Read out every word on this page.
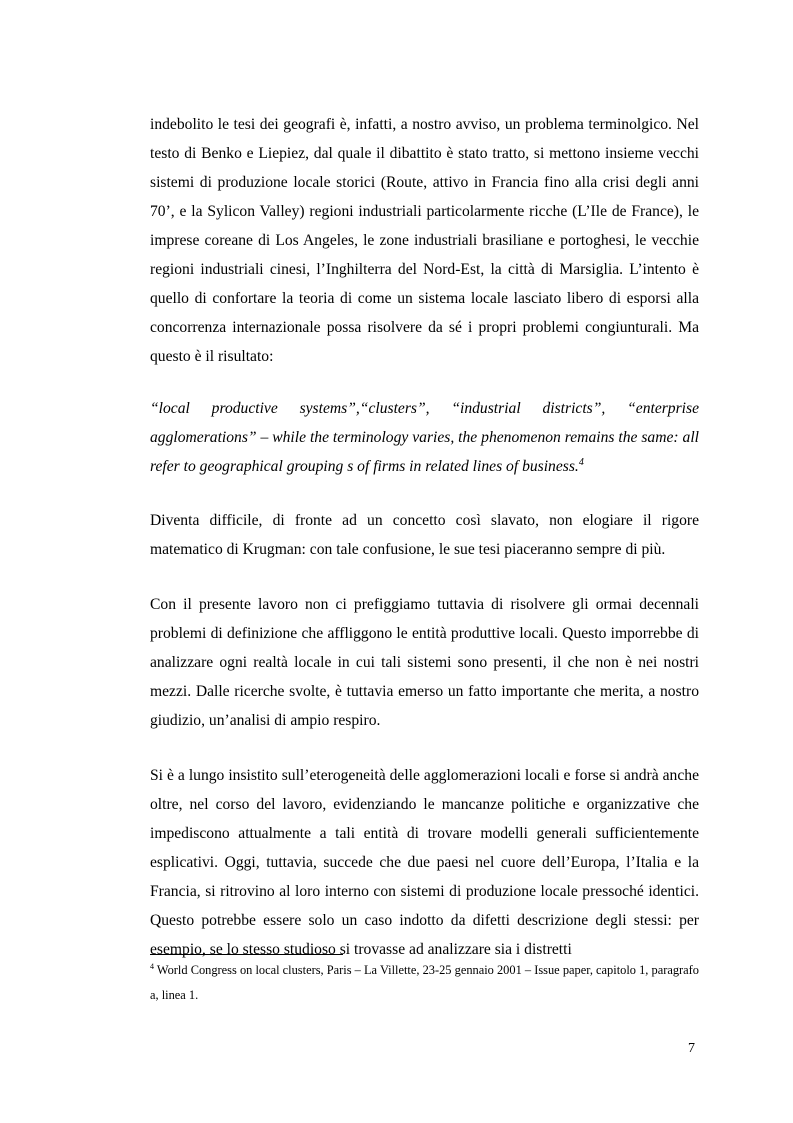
indebolito le tesi dei geografi è, infatti, a nostro avviso, un problema terminolgico. Nel testo di Benko e Liepiez, dal quale il dibattito è stato tratto, si mettono insieme vecchi sistemi di produzione locale storici (Route, attivo in Francia fino alla crisi degli anni 70’, e la Sylicon Valley) regioni industriali particolarmente ricche (L’Ile de France), le imprese coreane di Los Angeles, le zone industriali brasiliane e portoghesi, le vecchie regioni industriali cinesi, l’Inghilterra del Nord-Est, la città di Marsiglia. L’intento è quello di confortare la teoria di come un sistema locale lasciato libero di esporsi alla concorrenza internazionale possa risolvere da sé i propri problemi congiunturali. Ma questo è il risultato:

“local productive systems”,“clusters”, “industrial districts”, “enterprise agglomerations” – while the terminology varies, the phenomenon remains the same: all refer to geographical grouping s of firms in related lines of business.$^4$

Diventa difficile, di fronte ad un concetto così slavato, non elogiare il rigore matematico di Krugman: con tale confusione, le sue tesi piaceranno sempre di più.

Con il presente lavoro non ci prefiggiamo tuttavia di risolvere gli ormai decennali problemi di definizione che affliggono le entità produttive locali. Questo imporrebbe di analizzare ogni realtà locale in cui tali sistemi sono presenti, il che non è nei nostri mezzi. Dalle ricerche svolte, è tuttavia emerso un fatto importante che merita, a nostro giudizio, un’analisi di ampio respiro.

Si è a lungo insistito sull’eterogeneità delle agglomerazioni locali e forse si andrà anche oltre, nel corso del lavoro, evidenziando le mancanze politiche e organizzative che impediscono attualmente a tali entità di trovare modelli generali sufficientemente esplicativi. Oggi, tuttavia, succede che due paesi nel cuore dell’Europa, l’Italia e la Francia, si ritrovino al loro interno con sistemi di produzione locale pressoché identici. Questo potrebbe essere solo un caso indotto da difetti descrizione degli stessi: per esempio, se lo stesso studioso si trovasse ad analizzare sia i distretti

$^4$ World Congress on local clusters, Paris – La Villette, 23-25 gennaio 2001 – Issue paper, capitolo 1, paragrafo a, linea 1.

7
